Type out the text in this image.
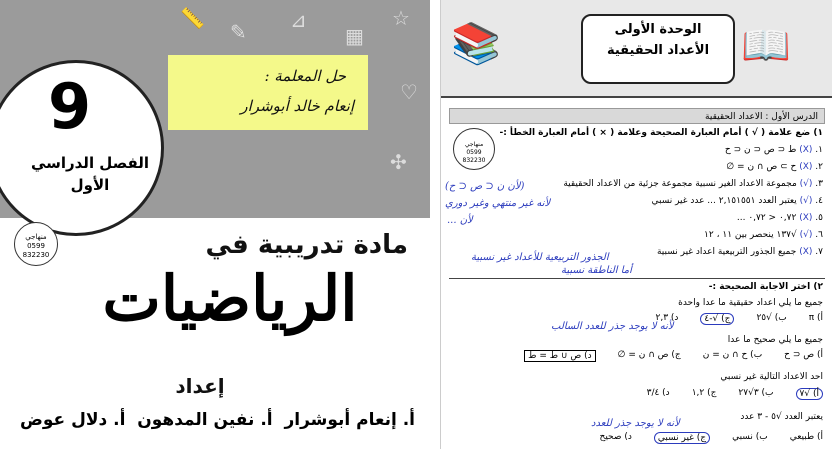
📏
✎ ⊿
▦
☆
♡
✣
9
الفصل الدراسي الأول
حل المعلمة :
إنعام خالد أبوشرار
منهاجي
0599 832230	مادة تدريبية في
الرياضيات
إعداد
أ. إنعام أبوشرار
أ. نفين المدهون
أ. دلال عوض
📚	📖
الوحدة الأولى
الأعداد الحقيقية
الدرس الأول : الاعداد الحقيقية
منهاجي
0599 832230
١) ضع علامة ( √ ) أمام العبارة الصحيحة وعلامة ( × ) أمام العبارة الخطأ :-
١. (X) ط ⊂ ص ⊂ ن ⊂ ح
٢. (X) ح ⊃ ص ∩ ن = ∅
٣. (√) مجموعة الاعداد الغير نسبية مجموعة جزئية من الاعداد الحقيقية
٤. (√) يعتبر العدد ٢,١٥١٥٥١ ... عدد غير نسبي
٥. (X) ٠,٧٢ < ٠,٧٢ ...
٦. (√) √١٣٧ ينحصر بين ١١ ، ١٢
٧. (X) جميع الجذور التربيعية اعداد غير نسبية
(لأن ن ⊂ ص ⊂ ح)
لأنه غير منتهي وغير دوري
لأن ...
الجذور التربيعية للأعداد غير نسبية
أما الناطقة نسبية
٢) اختر الاجابة الصحيحة :-
جميع ما يلي اعداد حقيقية ما عدا واحدة
أ) π
ب) √٢٥
ج) √-٤
د) ٢,٣
لأنه لا يوجد جذر للعدد السالب
جميع ما يلي صحيح ما عدا
أ) ص ⊂ ح
ب) ح ∩ ن = ن
ج) ص ∩ ن = ∅
د) ص ∪ ط = ط
احد الاعداد التالية غير نسبي
أ) √٧
ب) ٣√٢٧
ج) ١,٢
د) ٣/٤
يعتبر العدد √٥ - ٣ عدد
لأنه لا يوجد جذر للعدد
أ) طبيعي
ب) نسبي
ج) غير نسبي
د) صحيح
